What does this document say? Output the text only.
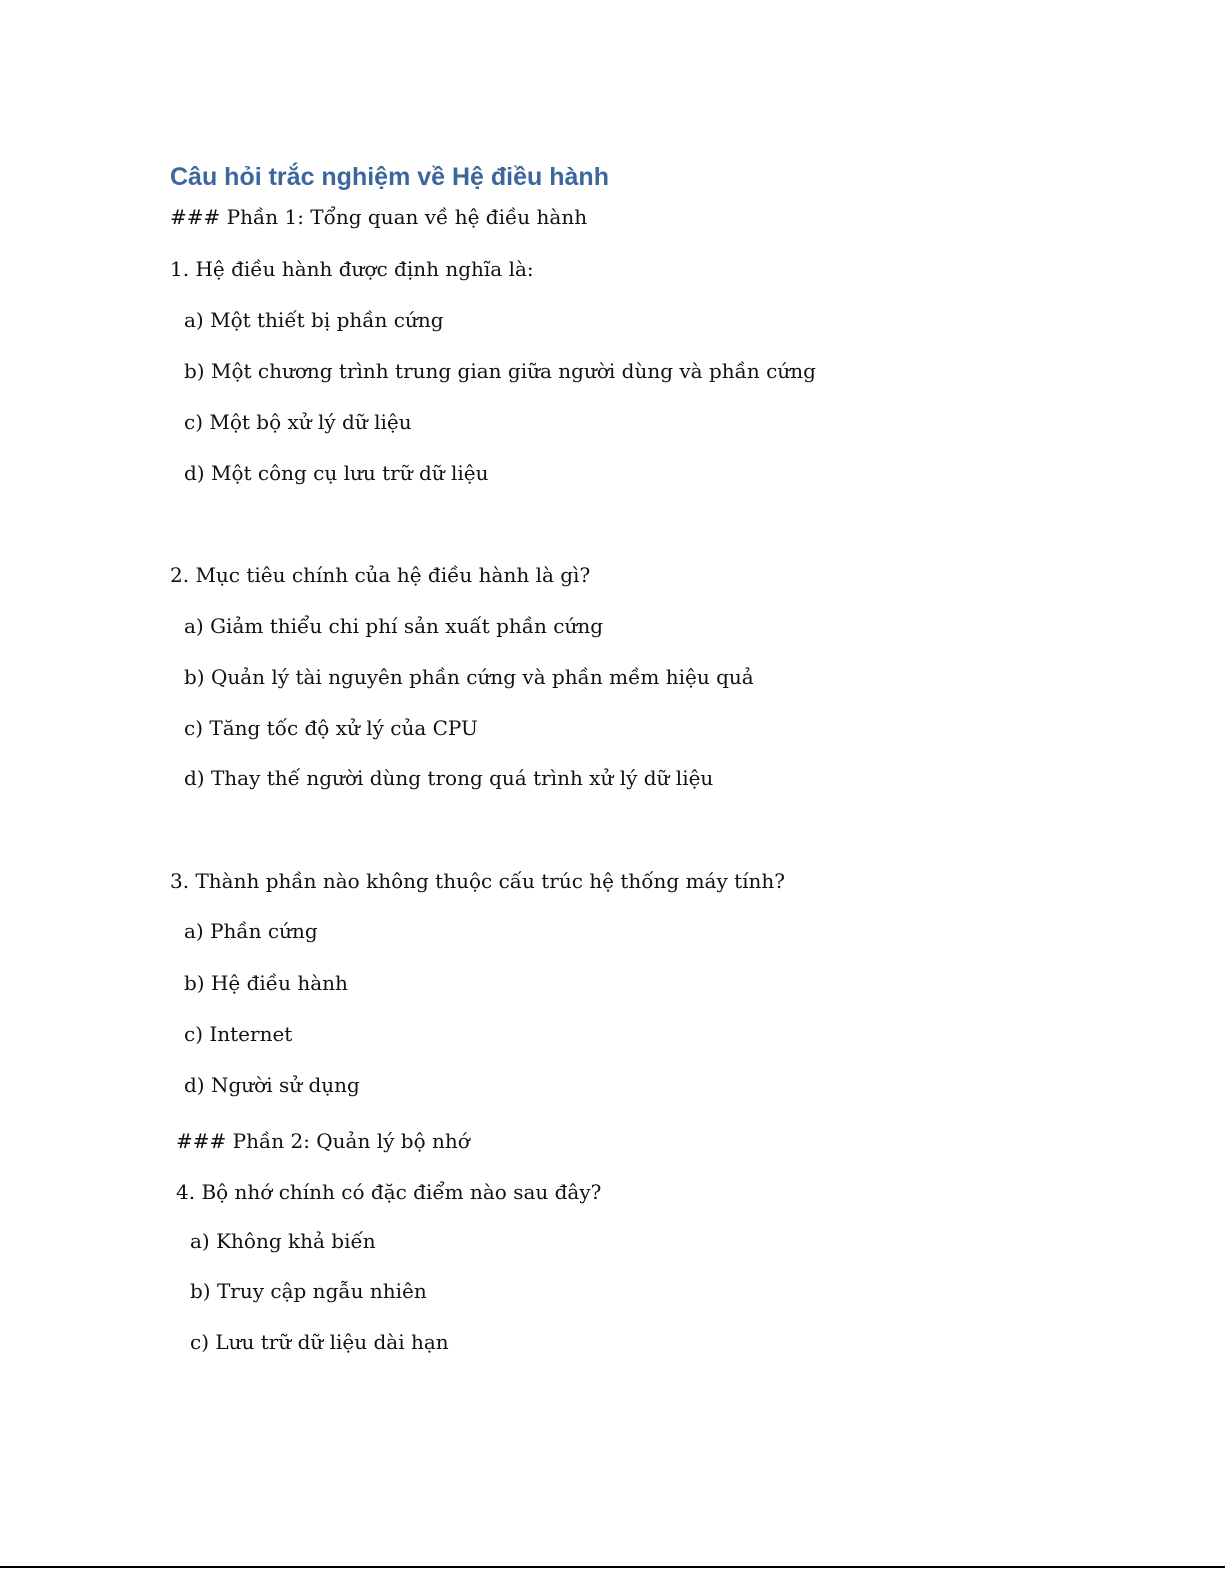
Câu hỏi trắc nghiệm về Hệ điều hành
### Phần 1: Tổng quan về hệ điều hành
1. Hệ điều hành được định nghĩa là:
a) Một thiết bị phần cứng
b) Một chương trình trung gian giữa người dùng và phần cứng
c) Một bộ xử lý dữ liệu
d) Một công cụ lưu trữ dữ liệu
2. Mục tiêu chính của hệ điều hành là gì?
a) Giảm thiểu chi phí sản xuất phần cứng
b) Quản lý tài nguyên phần cứng và phần mềm hiệu quả
c) Tăng tốc độ xử lý của CPU
d) Thay thế người dùng trong quá trình xử lý dữ liệu
3. Thành phần nào không thuộc cấu trúc hệ thống máy tính?
a) Phần cứng
b) Hệ điều hành
c) Internet
d) Người sử dụng
### Phần 2: Quản lý bộ nhớ
4. Bộ nhớ chính có đặc điểm nào sau đây?
a) Không khả biến
b) Truy cập ngẫu nhiên
c) Lưu trữ dữ liệu dài hạn
